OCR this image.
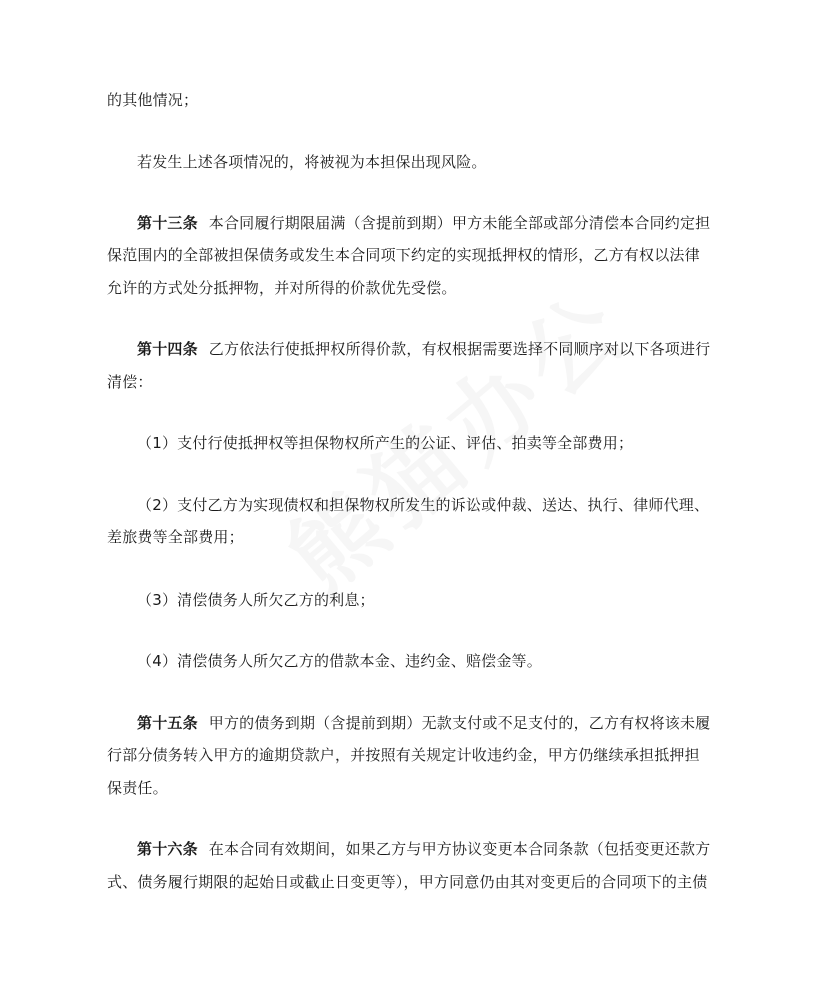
的其他情况；
若发生上述各项情况的，将被视为本担保出现风险。
第十三条 本合同履行期限届满（含提前到期）甲方未能全部或部分清偿本合同约定担
保范围内的全部被担保债务或发生本合同项下约定的实现抵押权的情形，乙方有权以法律
允许的方式处分抵押物，并对所得的价款优先受偿。
第十四条 乙方依法行使抵押权所得价款，有权根据需要选择不同顺序对以下各项进行
清偿：
（1）支付行使抵押权等担保物权所产生的公证、评估、拍卖等全部费用；
（2）支付乙方为实现债权和担保物权所发生的诉讼或仲裁、送达、执行、律师代理、
差旅费等全部费用；
（3）清偿债务人所欠乙方的利息；
（4）清偿债务人所欠乙方的借款本金、违约金、赔偿金等。
第十五条 甲方的债务到期（含提前到期）无款支付或不足支付的，乙方有权将该未履
行部分债务转入甲方的逾期贷款户，并按照有关规定计收违约金，甲方仍继续承担抵押担
保责任。
第十六条 在本合同有效期间，如果乙方与甲方协议变更本合同条款（包括变更还款方
式、债务履行期限的起始日或截止日变更等），甲方同意仍由其对变更后的合同项下的主债
